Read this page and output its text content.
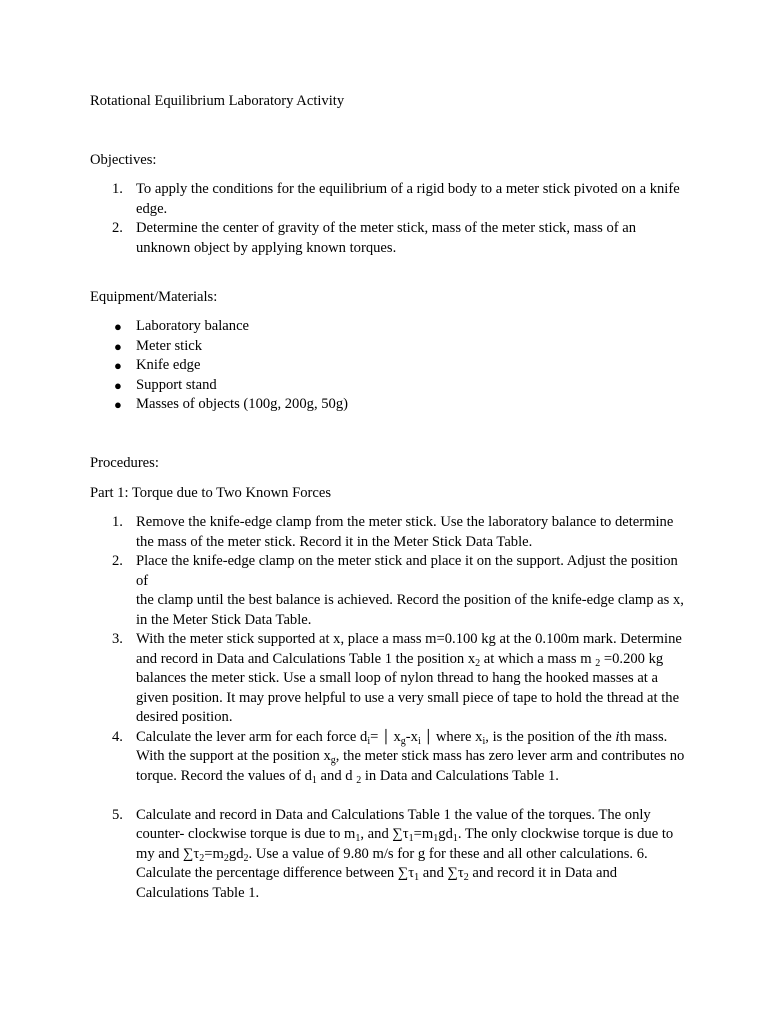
Rotational Equilibrium Laboratory Activity
Objectives:
1. To apply the conditions for the equilibrium of a rigid body to a meter stick pivoted on a knife edge.
2. Determine the center of gravity of the meter stick, mass of the meter stick, mass of an unknown object by applying known torques.
Equipment/Materials:
● Laboratory balance
● Meter stick
● Knife edge
● Support stand
● Masses of objects (100g, 200g, 50g)
Procedures:
Part 1: Torque due to Two Known Forces
1. Remove the knife-edge clamp from the meter stick. Use the laboratory balance to determine the mass of the meter stick. Record it in the Meter Stick Data Table.
2. Place the knife-edge clamp on the meter stick and place it on the support. Adjust the position of
the clamp until the best balance is achieved. Record the position of the knife-edge clamp as x, in the Meter Stick Data Table.
3. With the meter stick supported at x, place a mass m=0.100 kg at the 0.100m mark. Determine and record in Data and Calculations Table 1 the position $x_2$ at which a mass m $_2$ =0.200 kg balances the meter stick. Use a small loop of nylon thread to hang the hooked masses at a given position. It may prove helpful to use a very small piece of tape to hold the thread at the desired position.
4. Calculate the lever arm for each force $d_i=$ │ $x_g-x_i$ │ where $x_i$, is the position of the ith mass. With the support at the position $x_g$, the meter stick mass has zero lever arm and contributes no torque. Record the values of $d_1$ and d $_2$ in Data and Calculations Table 1.
5. Calculate and record in Data and Calculations Table 1 the value of the torques. The only counter- clockwise torque is due to $m_1$, and $\sum\tau_1=m_1gd_1$. The only clockwise torque is due to my and $\sum\tau_2=m_2gd_2$. Use a value of 9.80 m/s for g for these and all other calculations. 6. Calculate the percentage difference between $\sum\tau_1$ and $\sum\tau_2$ and record it in Data and Calculations Table 1.
